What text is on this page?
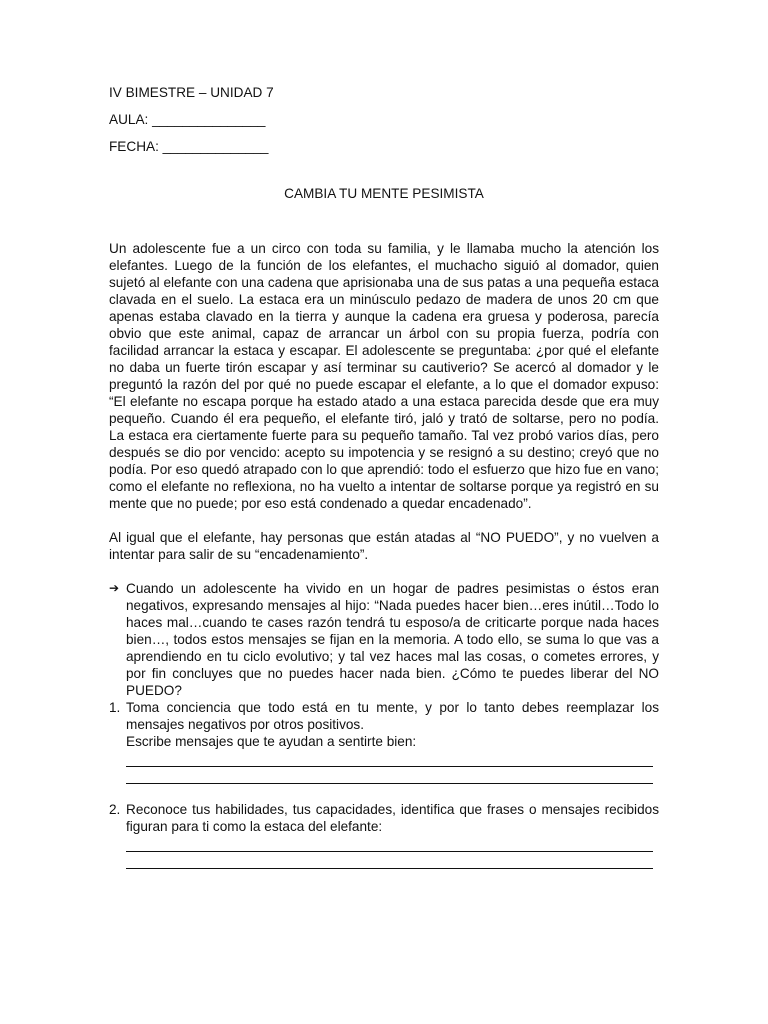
IV BIMESTRE – UNIDAD 7
AULA: _______________
FECHA: ______________
CAMBIA TU MENTE PESIMISTA

Un adolescente fue a un circo con toda su familia, y le llamaba mucho la atención los elefantes. Luego de la función de los elefantes, el muchacho siguió al domador, quien sujetó al elefante con una cadena que aprisionaba una de sus patas a una pequeña estaca clavada en el suelo. La estaca era un minúsculo pedazo de madera de unos 20 cm que apenas estaba clavado en la tierra y aunque la cadena era gruesa y poderosa, parecía obvio que este animal, capaz de arrancar un árbol con su propia fuerza, podría con facilidad arrancar la estaca y escapar. El adolescente se preguntaba: ¿por qué el elefante no daba un fuerte tirón escapar y así terminar su cautiverio? Se acercó al domador y le preguntó la razón del por qué no puede escapar el elefante, a lo que el domador expuso: “El elefante no escapa porque ha estado atado a una estaca parecida desde que era muy pequeño. Cuando él era pequeño, el elefante tiró, jaló y trató de soltarse, pero no podía. La estaca era ciertamente fuerte para su pequeño tamaño. Tal vez probó varios días, pero después se dio por vencido: acepto su impotencia y se resignó a su destino; creyó que no podía. Por eso quedó atrapado con lo que aprendió: todo el esfuerzo que hizo fue en vano; como el elefante no reflexiona, no ha vuelto a intentar de soltarse porque ya registró en su mente que no puede; por eso está condenado a quedar encadenado”.

Al igual que el elefante, hay personas que están atadas al “NO PUEDO”, y no vuelven a intentar para salir de su “encadenamiento”.

➔ Cuando un adolescente ha vivido en un hogar de padres pesimistas o éstos eran negativos, expresando mensajes al hijo: “Nada puedes hacer bien…eres inútil…Todo lo haces mal…cuando te cases razón tendrá tu esposo/a de criticarte porque nada haces bien…, todos estos mensajes se fijan en la memoria. A todo ello, se suma lo que vas a aprendiendo en tu ciclo evolutivo; y tal vez haces mal las cosas, o cometes errores, y por fin concluyes que no puedes hacer nada bien. ¿Cómo te puedes liberar del NO PUEDO?

1. Toma conciencia que todo está en tu mente, y por lo tanto debes reemplazar los mensajes negativos por otros positivos.

Escribe mensajes que te ayudan a sentirte bien:

2. Reconoce tus habilidades, tus capacidades, identifica que frases o mensajes recibidos figuran para ti como la estaca del elefante:
